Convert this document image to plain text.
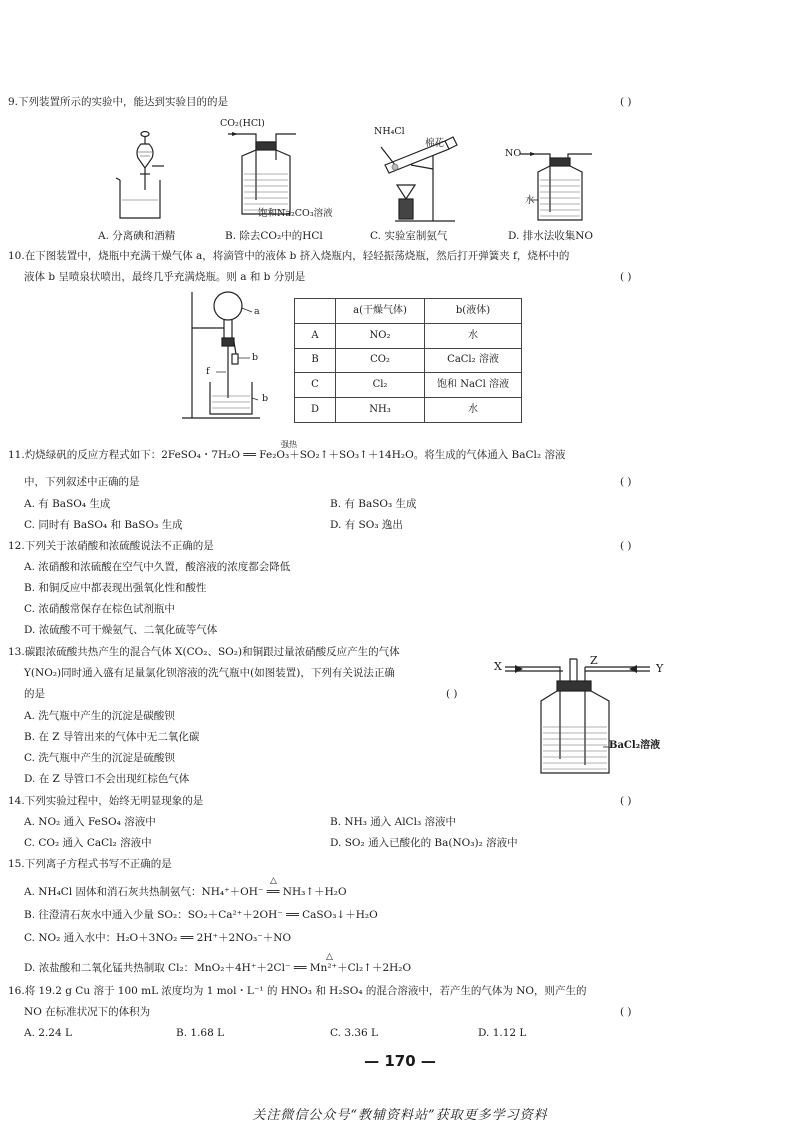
9.下列装置所示的实验中，能达到实验目的的是	( )
A. 分离碘和酒精
CO₂(HCl)
饱和Na₂CO₃溶液
B. 除去CO₂中的HCl
NH₄Cl
棉花
C. 实验室制氨气
NO
水
D. 排水法收集NO
10.在下图装置中，烧瓶中充满干燥气体 a，将滴管中的液体 b 挤入烧瓶内，轻轻振荡烧瓶，然后打开弹簧夹 f，烧杯中的
液体 b 呈喷泉状喷出，最终几乎充满烧瓶。则 a 和 b 分别是	( )
a
b
f
b
	a(干燥气体)	b(液体)
A	NO₂	水
B	CO₂	CaCl₂ 溶液
C	Cl₂	饱和 NaCl 溶液
D	NH₃	水
强热
11.灼烧绿矾的反应方程式如下：2FeSO₄・7H₂O ══ Fe₂O₃＋SO₂↑＋SO₃↑＋14H₂O。将生成的气体通入 BaCl₂ 溶液
中，下列叙述中正确的是	( )
A. 有 BaSO₄ 生成	B. 有 BaSO₃ 生成
C. 同时有 BaSO₄ 和 BaSO₃ 生成	D. 有 SO₃ 逸出
12.下列关于浓硝酸和浓硫酸说法不正确的是	( )
A. 浓硝酸和浓硫酸在空气中久置，酸溶液的浓度都会降低
B. 和铜反应中都表现出强氧化性和酸性
C. 浓硝酸常保存在棕色试剂瓶中
D. 浓硫酸不可干燥氨气、二氧化硫等气体
13.碳跟浓硫酸共热产生的混合气体 X(CO₂、SO₂)和铜跟过量浓硝酸反应产生的气体
Y(NO₂)同时通入盛有足量氯化钡溶液的洗气瓶中(如图装置)，下列有关说法正确
的是	( )
A. 洗气瓶中产生的沉淀是碳酸钡
B. 在 Z 导管出来的气体中无二氧化碳
C. 洗气瓶中产生的沉淀是硫酸钡
D. 在 Z 导管口不会出现红棕色气体
X	Z
Y
BaCl₂溶液
14.下列实验过程中，始终无明显现象的是	( )
A. NO₂ 通入 FeSO₄ 溶液中	B. NH₃ 通入 AlCl₃ 溶液中
C. CO₂ 通入 CaCl₂ 溶液中	D. SO₂ 通入已酸化的 Ba(NO₃)₂ 溶液中
15.下列离子方程式书写不正确的是
△
A. NH₄Cl 固体和消石灰共热制氨气：NH₄⁺＋OH⁻ ══ NH₃↑＋H₂O
B. 往澄清石灰水中通入少量 SO₂：SO₂＋Ca²⁺＋2OH⁻ ══ CaSO₃↓＋H₂O
C. NO₂ 通入水中：H₂O＋3NO₂ ══ 2H⁺＋2NO₃⁻＋NO
△
D. 浓盐酸和二氧化锰共热制取 Cl₂：MnO₂＋4H⁺＋2Cl⁻ ══ Mn²⁺＋Cl₂↑＋2H₂O
16.将 19.2 g Cu 溶于 100 mL 浓度均为 1 mol・L⁻¹ 的 HNO₃ 和 H₂SO₄ 的混合溶液中，若产生的气体为 NO，则产生的
NO 在标准状况下的体积为	( )
A. 2.24 L	B. 1.68 L	C. 3.36 L	D. 1.12 L
— 170 —
关注微信公众号“教辅资料站”获取更多学习资料
